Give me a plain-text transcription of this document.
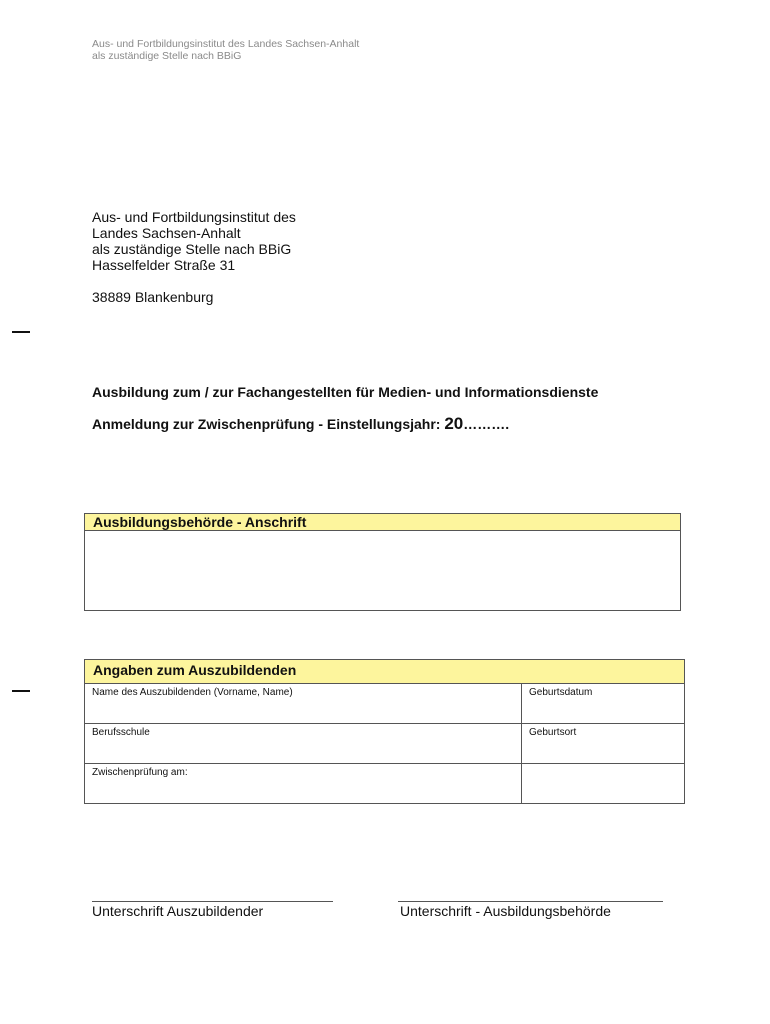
Aus- und Fortbildungsinstitut des Landes Sachsen-Anhalt
als zuständige Stelle nach BBiG
Aus- und Fortbildungsinstitut des
Landes Sachsen-Anhalt
als zuständige Stelle nach BBiG
Hasselfelder Straße 31
38889 Blankenburg
Ausbildung zum / zur Fachangestellten für Medien- und Informationsdienste
Anmeldung zur Zwischenprüfung - Einstellungsjahr: 20……….
Ausbildungsbehörde - Anschrift
Angaben zum Auszubildenden
Name des Auszubildenden (Vorname, Name)	Geburtsdatum
Berufsschule	Geburtsort
Zwischenprüfung am:
Unterschrift Auszubildender	Unterschrift - Ausbildungsbehörde
